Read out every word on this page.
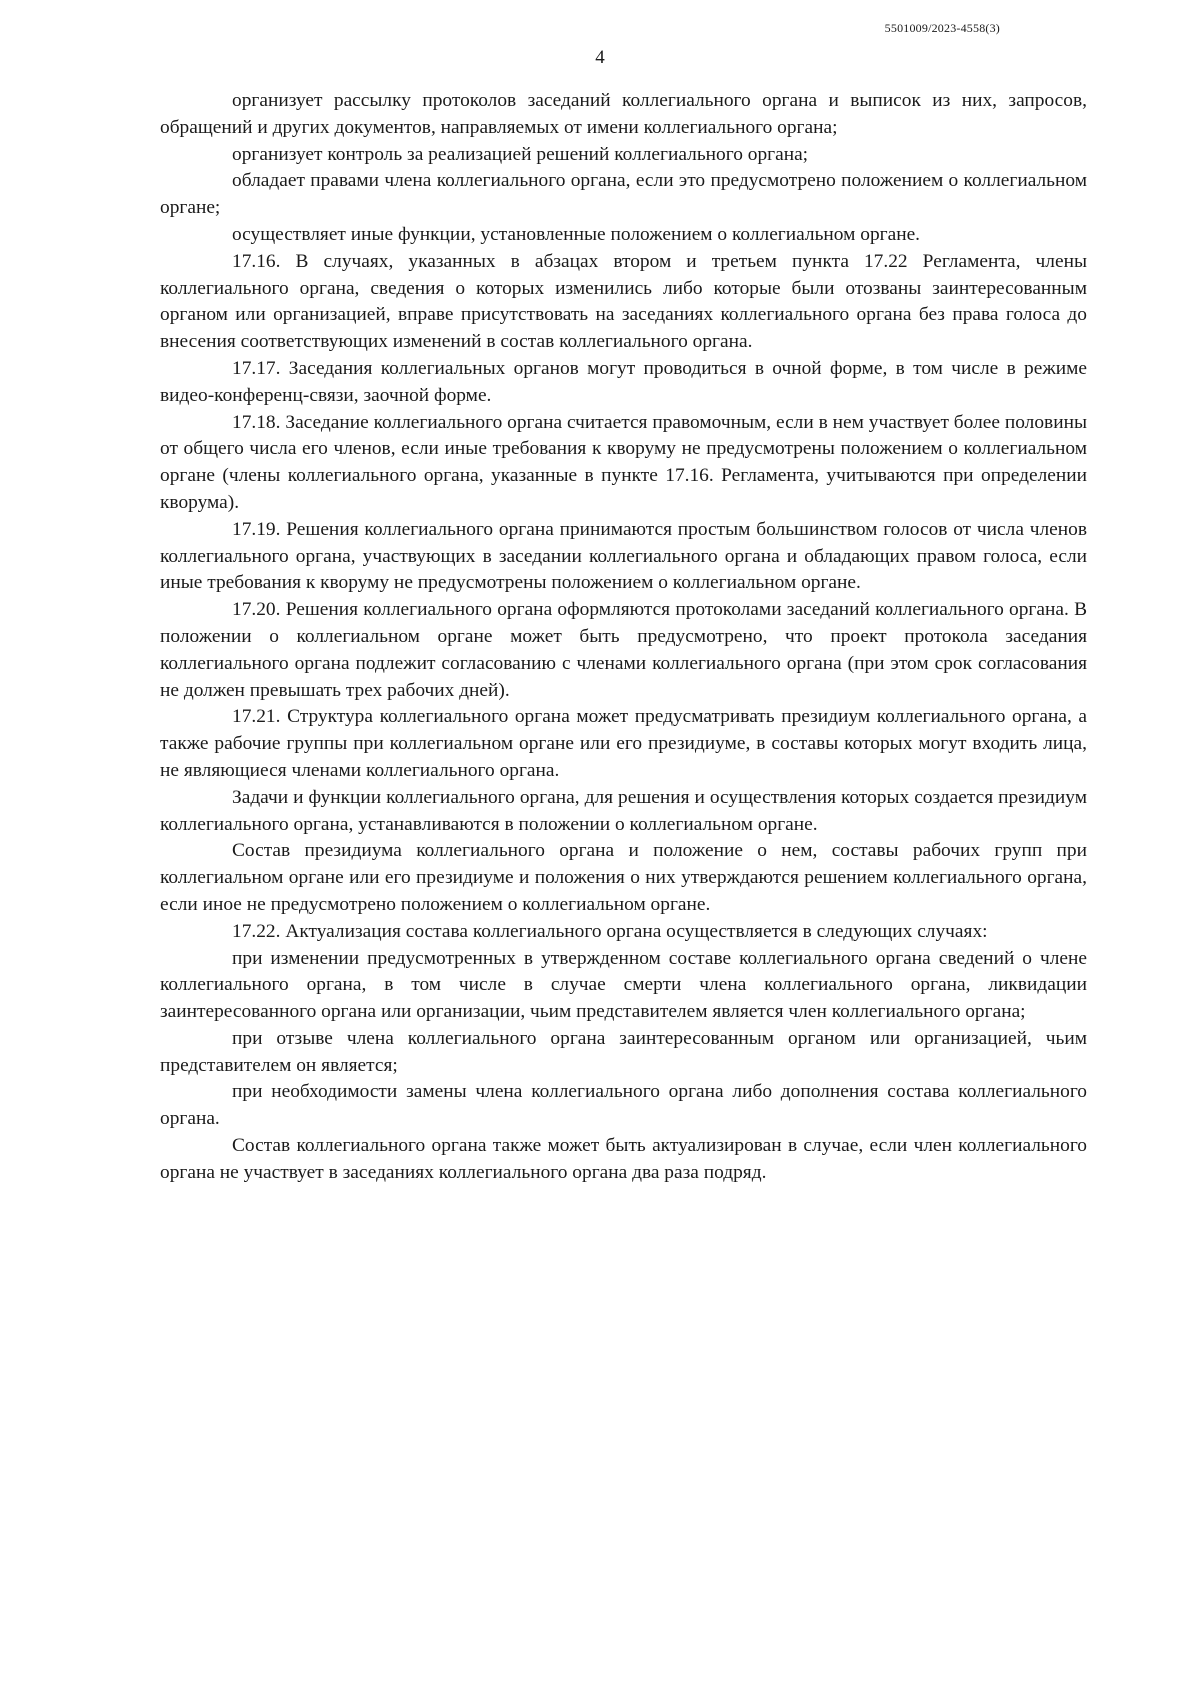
5501009/2023-4558(3)
4

организует рассылку протоколов заседаний коллегиального органа и выписок из них, запросов, обращений и других документов, направляемых от имени коллегиального органа;

организует контроль за реализацией решений коллегиального органа;

обладает правами члена коллегиального органа, если это предусмотрено положением о коллегиальном органе;

осуществляет иные функции, установленные положением о коллегиальном органе.

17.16. В случаях, указанных в абзацах втором и третьем пункта 17.22 Регламента, члены коллегиального органа, сведения о которых изменились либо которые были отозваны заинтересованным органом или организацией, вправе присутствовать на заседаниях коллегиального органа без права голоса до внесения соответствующих изменений в состав коллегиального органа.

17.17. Заседания коллегиальных органов могут проводиться в очной форме, в том числе в режиме видео-конференц-связи, заочной форме.

17.18. Заседание коллегиального органа считается правомочным, если в нем участвует более половины от общего числа его членов, если иные требования к кворуму не предусмотрены положением о коллегиальном органе (члены коллегиального органа, указанные в пункте 17.16. Регламента, учитываются при определении кворума).

17.19. Решения коллегиального органа принимаются простым большинством голосов от числа членов коллегиального органа, участвующих в заседании коллегиального органа и обладающих правом голоса, если иные требования к кворуму не предусмотрены положением о коллегиальном органе.

17.20. Решения коллегиального органа оформляются протоколами заседаний коллегиального органа. В положении о коллегиальном органе может быть предусмотрено, что проект протокола заседания коллегиального органа подлежит согласованию с членами коллегиального органа (при этом срок согласования не должен превышать трех рабочих дней).

17.21. Структура коллегиального органа может предусматривать президиум коллегиального органа, а также рабочие группы при коллегиальном органе или его президиуме, в составы которых могут входить лица, не являющиеся членами коллегиального органа.

Задачи и функции коллегиального органа, для решения и осуществления которых создается президиум коллегиального органа, устанавливаются в положении о коллегиальном органе.

Состав президиума коллегиального органа и положение о нем, составы рабочих групп при коллегиальном органе или его президиуме и положения о них утверждаются решением коллегиального органа, если иное не предусмотрено положением о коллегиальном органе.

17.22. Актуализация состава коллегиального органа осуществляется в следующих случаях:

при изменении предусмотренных в утвержденном составе коллегиального органа сведений о члене коллегиального органа, в том числе в случае смерти члена коллегиального органа, ликвидации заинтересованного органа или организации, чьим представителем является член коллегиального органа;

при отзыве члена коллегиального органа заинтересованным органом или организацией, чьим представителем он является;

при необходимости замены члена коллегиального органа либо дополнения состава коллегиального органа.

Состав коллегиального органа также может быть актуализирован в случае, если член коллегиального органа не участвует в заседаниях коллегиального органа два раза подряд.
